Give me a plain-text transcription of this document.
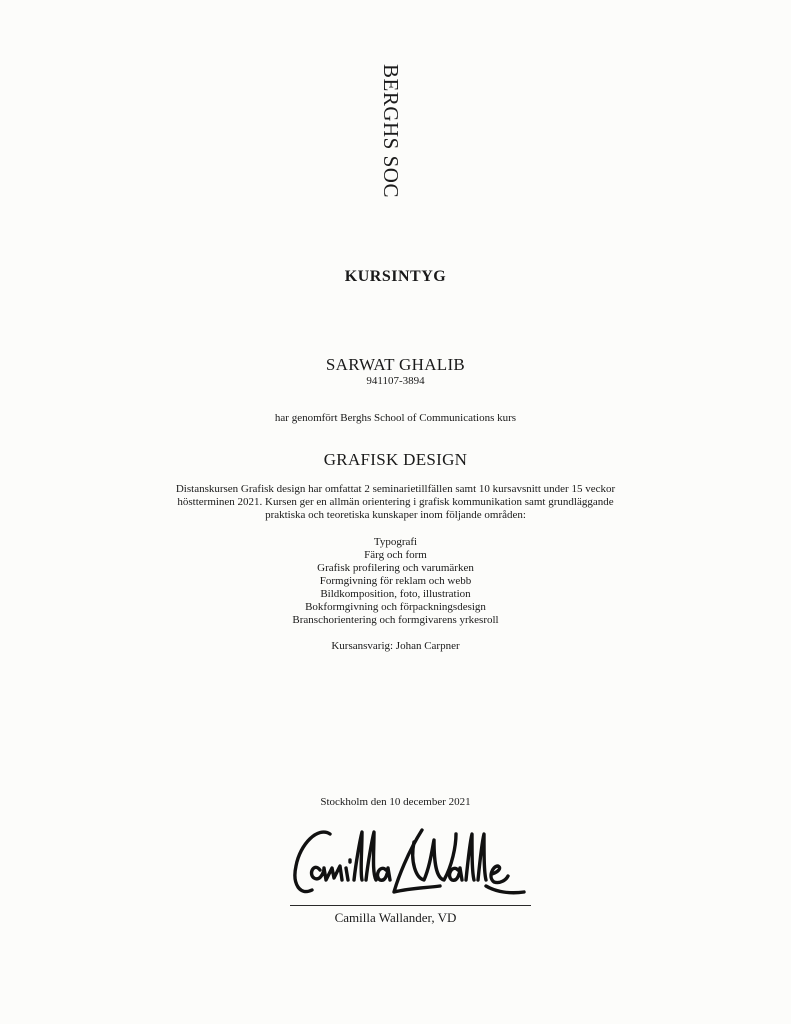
BERGHS SOC
KURSINTYG
SARWAT GHALIB
941107-3894
har genomfört Berghs School of Communications kurs
GRAFISK DESIGN
Distanskursen Grafisk design har omfattat 2 seminarietillfällen samt 10 kursavsnitt under 15 veckor höstterminen 2021. Kursen ger en allmän orientering i grafisk kommunikation samt grundläggande praktiska och teoretiska kunskaper inom följande områden:
Typografi
Färg och form
Grafisk profilering och varumärken
Formgivning för reklam och webb
Bildkomposition, foto, illustration
Bokformgivning och förpackningsdesign
Branschorientering och formgivarens yrkesroll
Kursansvarig: Johan Carpner
Stockholm den 10 december 2021
Camilla Wallander, VD
